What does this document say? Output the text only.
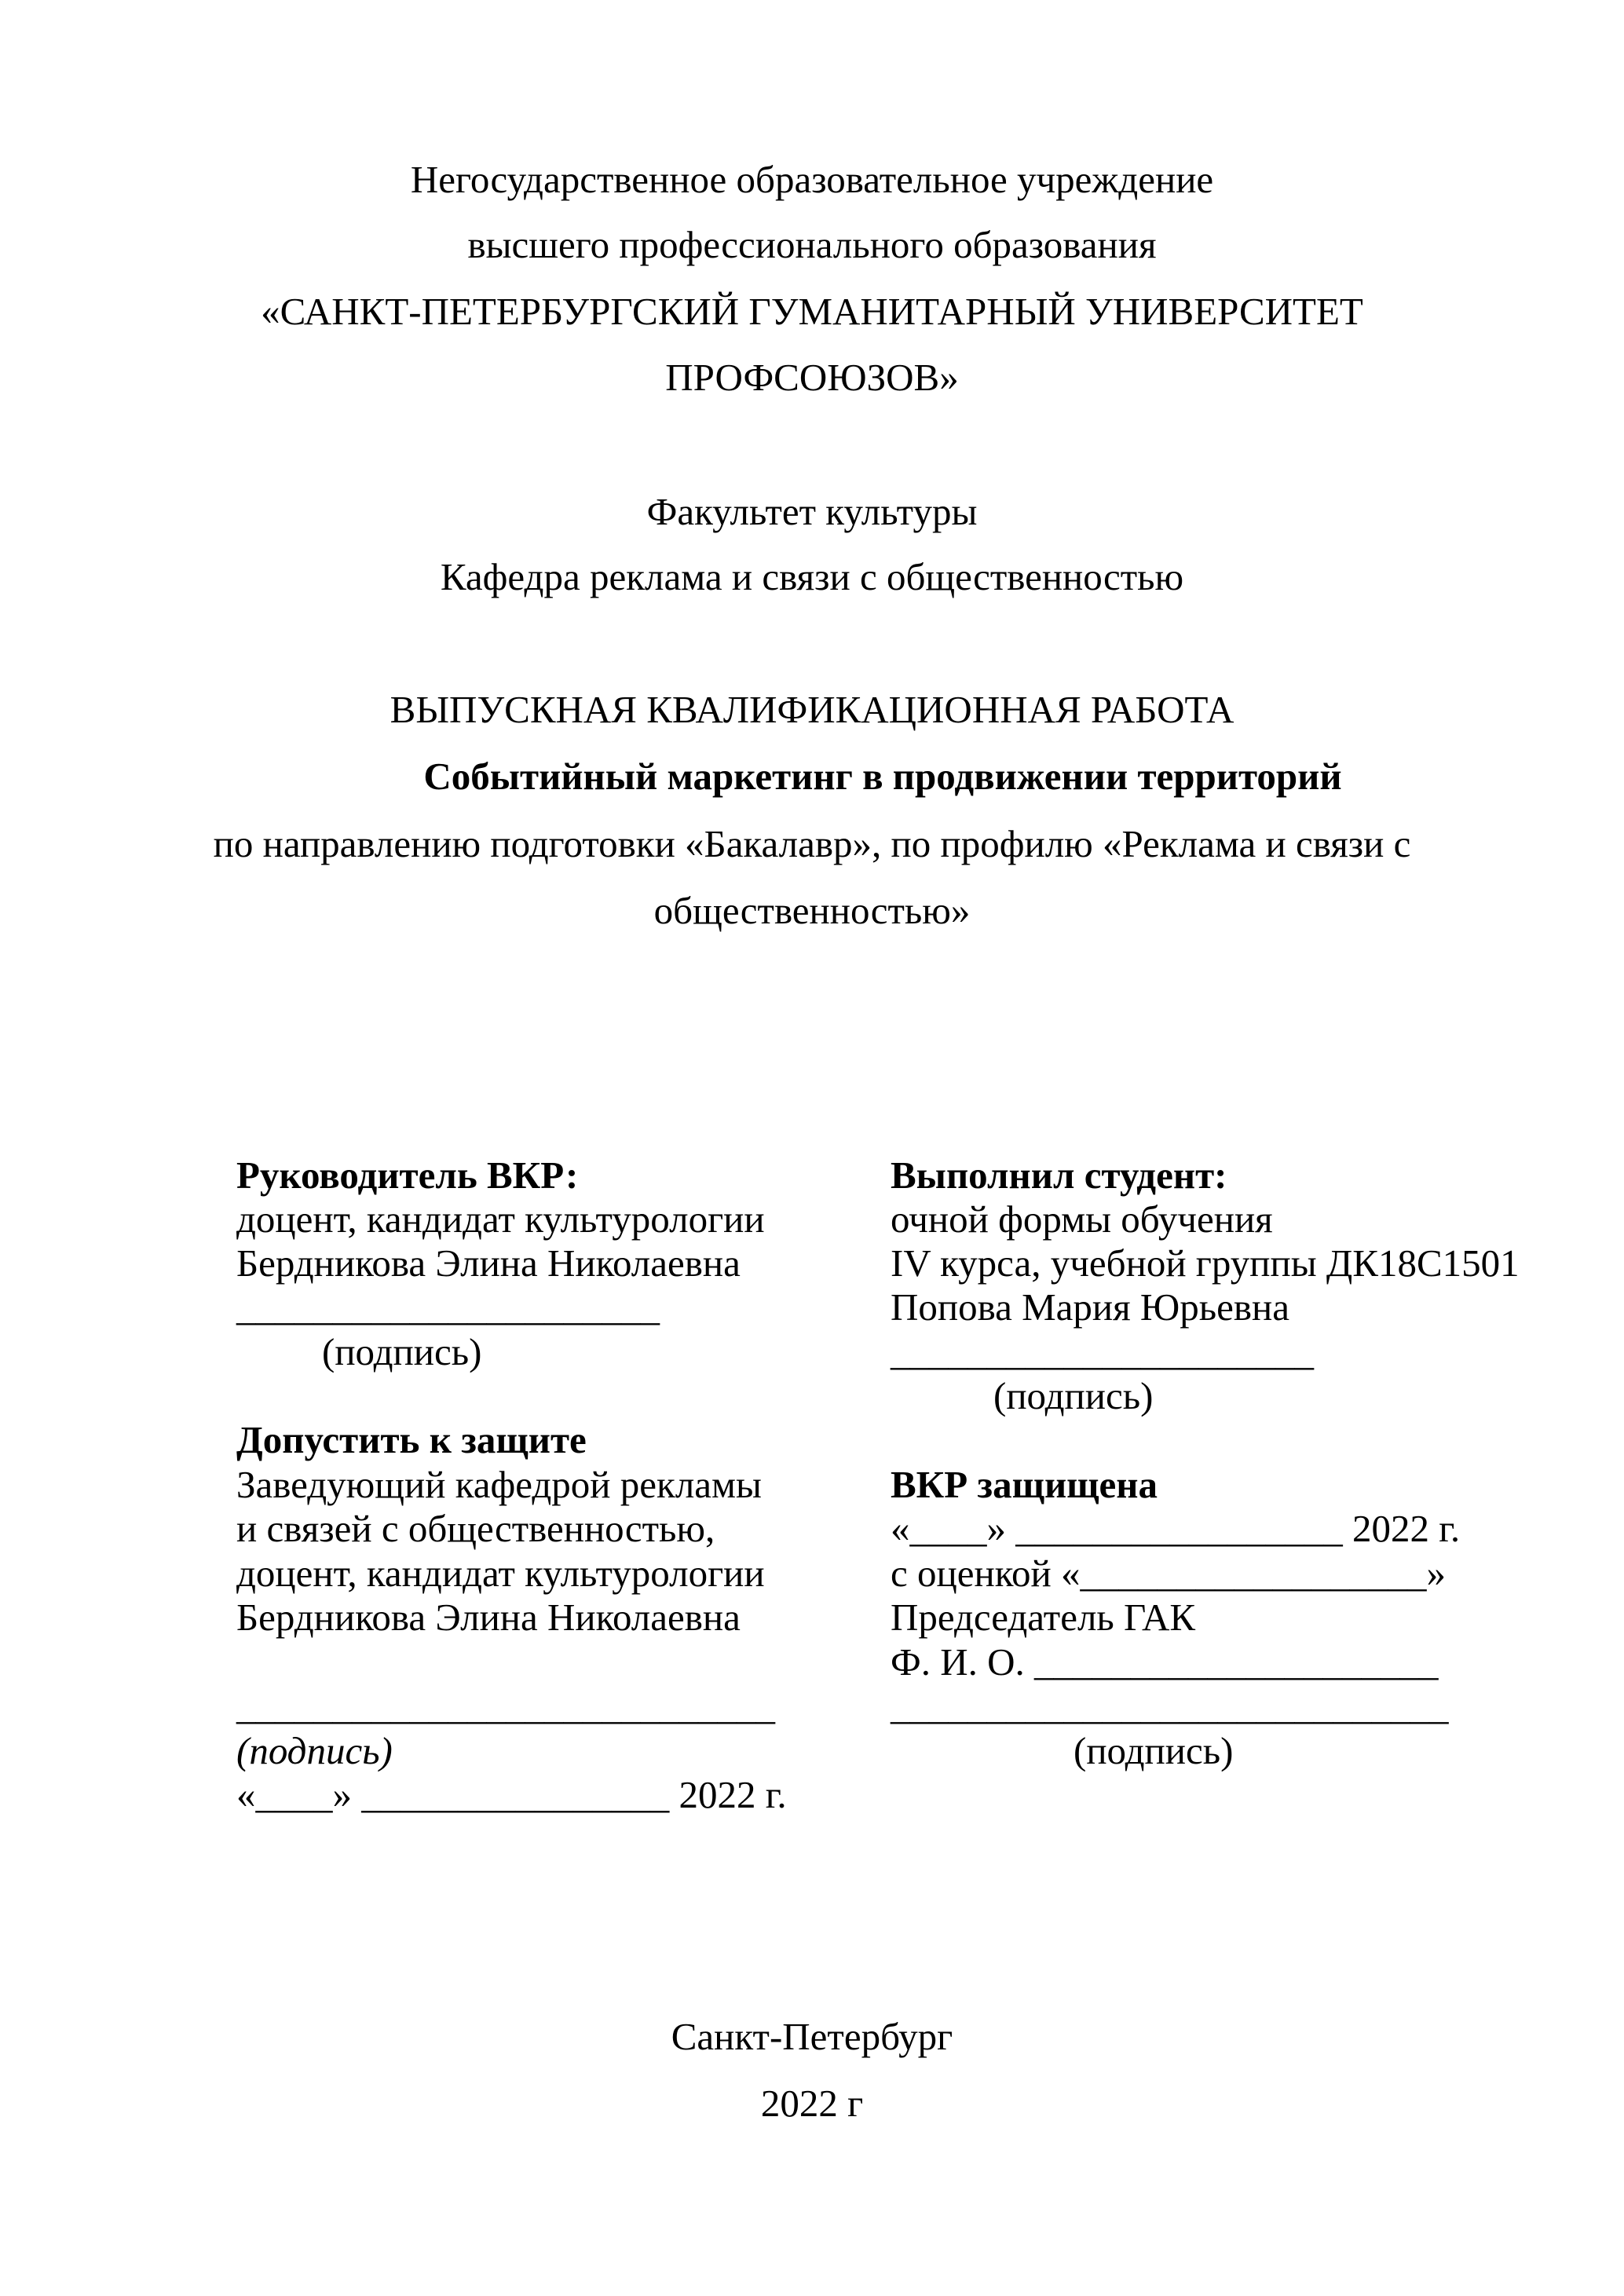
Негосударственное образовательное учреждение
высшего профессионального образования
«САНКТ-ПЕТЕРБУРГСКИЙ ГУМАНИТАРНЫЙ УНИВЕРСИТЕТ
ПРОФСОЮЗОВ»
Факультет культуры
Кафедра реклама и связи с общественностью
ВЫПУСКНАЯ КВАЛИФИКАЦИОННАЯ РАБОТА
Событийный маркетинг в продвижении территорий
по направлению подготовки «Бакалавр», по профилю «Реклама и связи с
общественностью»
Руководитель ВКР:
доцент, кандидат культурологии
Бердникова Элина Николаевна
______________________
(подпись)
Допустить к защите
Заведующий кафедрой рекламы
и связей с общественностью,
доцент, кандидат культурологии
Бердникова Элина Николаевна
____________________________
(подпись)
«____» ________________ 2022 г.
Выполнил студент:
очной формы обучения
IV курса, учебной группы ДК18С1501
Попова Мария Юрьевна
______________________
(подпись)
ВКР защищена
«____» _________________ 2022 г.
с оценкой «__________________»
Председатель ГАК
Ф. И. О. _____________________
_____________________________
(подпись)
Санкт-Петербург
2022 г
